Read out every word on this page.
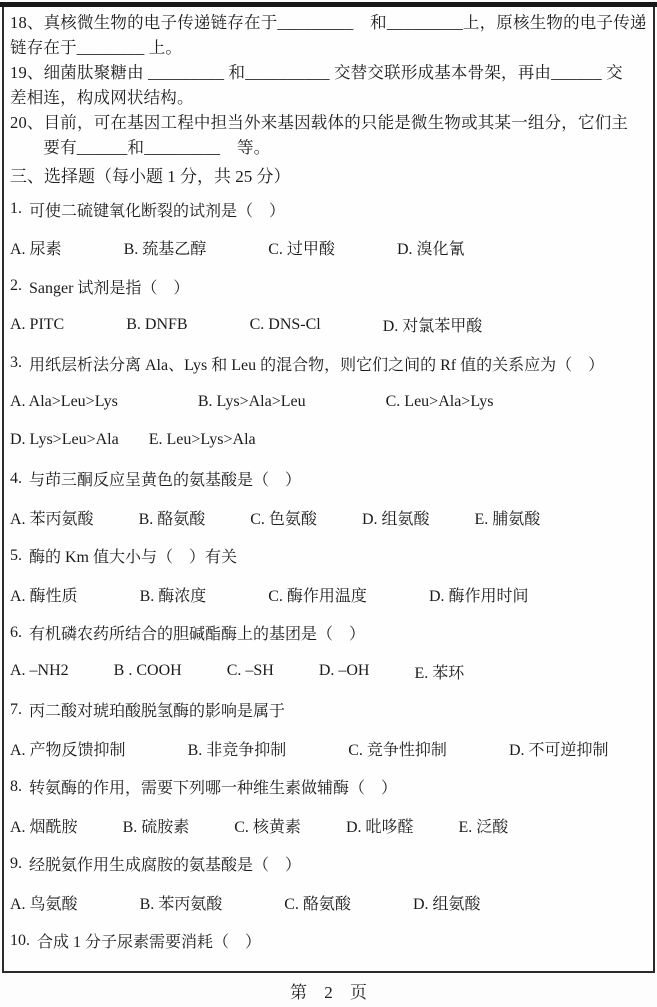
18、真核微生物的电子传递链存在于_________　和_________上，原核生物的电子传递
链存在于________ 上。
19、细菌肽聚糖由 _________ 和__________ 交替交联形成基本骨架，再由______ 交
差相连，构成网状结构。
20、目前，可在基因工程中担当外来基因载体的只能是微生物或其某一组分，它们主
　　要有______和_________　等。
三、选择题（每小题 1 分，共 25 分）
1. 可使二硫键氧化断裂的试剂是（　）
A. 尿素	B. 巯基乙醇	C. 过甲酸	D. 溴化氰
2. Sanger 试剂是指（　）
A. PITC	B. DNFB	C. DNS-Cl	D. 对氯苯甲酸
3. 用纸层析法分离 Ala、Lys 和 Leu 的混合物，则它们之间的 Rf 值的关系应为（　）
A. Ala>Leu>Lys	B. Lys>Ala>Leu	C. Leu>Ala>Lys
D. Lys>Leu>Ala E. Leu>Lys>Ala
4. 与茚三酮反应呈黄色的氨基酸是（　）
A. 苯丙氨酸	B. 酪氨酸	C. 色氨酸	D. 组氨酸	E. 脯氨酸
5. 酶的 Km 值大小与（　）有关
A. 酶性质	B. 酶浓度	C. 酶作用温度	D. 酶作用时间
6. 有机磷农药所结合的胆碱酯酶上的基团是（　）
A. –NH2	B . COOH	C. –SH	D. –OH	E. 苯环
7. 丙二酸对琥珀酸脱氢酶的影响是属于
A. 产物反馈抑制	B. 非竞争抑制	C. 竞争性抑制	D. 不可逆抑制
8. 转氨酶的作用，需要下列哪一种维生素做辅酶（　）
A. 烟酰胺	B. 硫胺素	C. 核黄素	D. 吡哆醛	E. 泛酸
9. 经脱氨作用生成腐胺的氨基酸是（　）
A. 鸟氨酸	B. 苯丙氨酸	C. 酪氨酸	D. 组氨酸
10. 合成 1 分子尿素需要消耗（　）
第 2 页
